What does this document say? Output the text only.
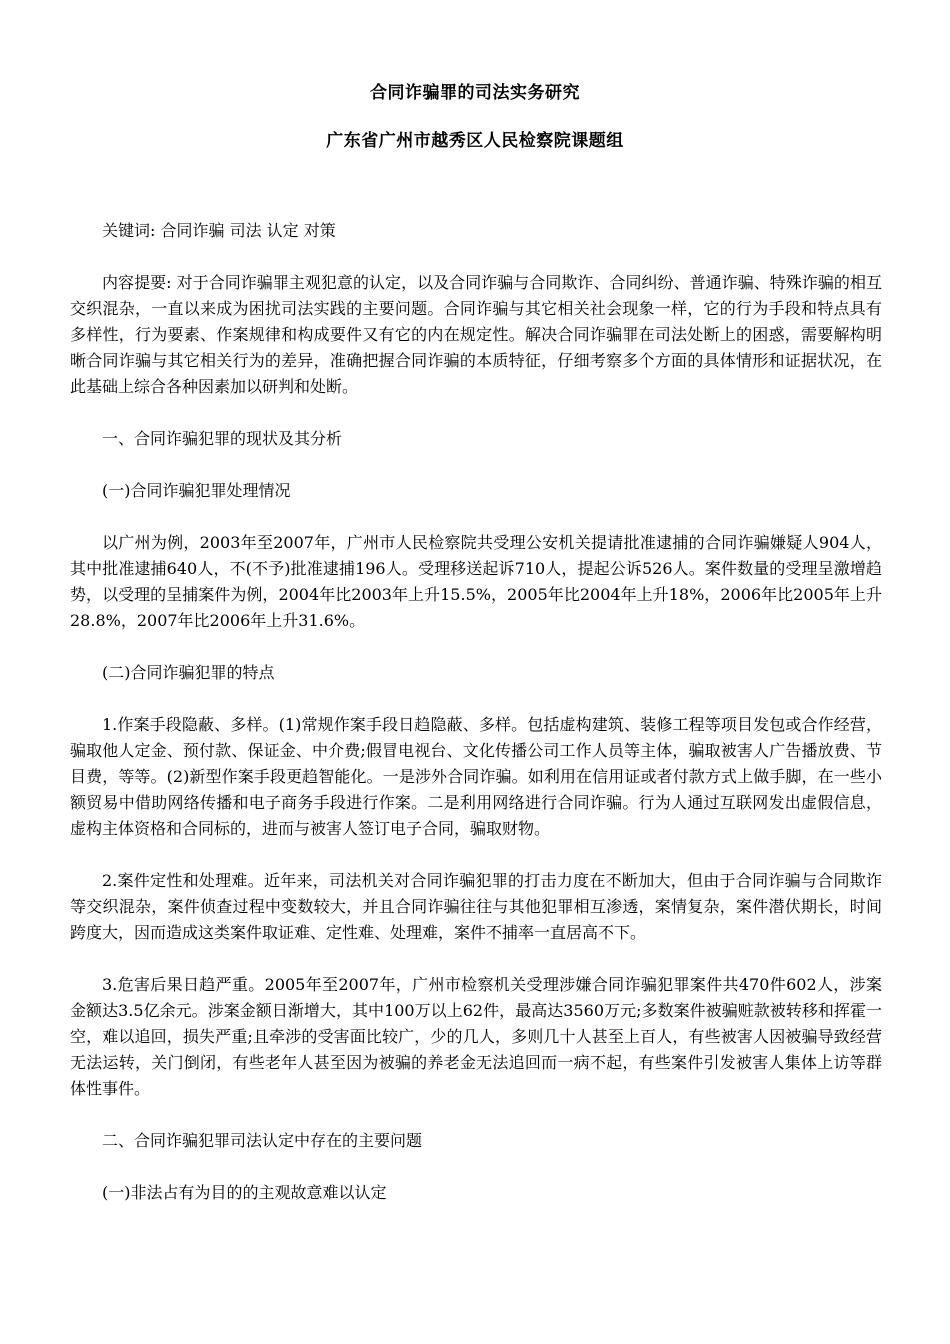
合同诈骗罪的司法实务研究
广东省广州市越秀区人民检察院课题组

关键词: 合同诈骗 司法 认定 对策

内容提要: 对于合同诈骗罪主观犯意的认定，以及合同诈骗与合同欺诈、合同纠纷、普通诈骗、特殊诈骗的相互交织混杂，一直以来成为困扰司法实践的主要问题。合同诈骗与其它相关社会现象一样，它的行为手段和特点具有多样性，行为要素、作案规律和构成要件又有它的内在规定性。解决合同诈骗罪在司法处断上的困惑，需要解构明晰合同诈骗与其它相关行为的差异，准确把握合同诈骗的本质特征，仔细考察多个方面的具体情形和证据状况，在此基础上综合各种因素加以研判和处断。

一、合同诈骗犯罪的现状及其分析

(一)合同诈骗犯罪处理情况

以广州为例，2003年至2007年，广州市人民检察院共受理公安机关提请批准逮捕的合同诈骗嫌疑人904人，其中批准逮捕640人，不(不予)批准逮捕196人。受理移送起诉710人，提起公诉526人。案件数量的受理呈激增趋势，以受理的呈捕案件为例，2004年比2003年上升15.5%，2005年比2004年上升18%，2006年比2005年上升28.8%，2007年比2006年上升31.6%。

(二)合同诈骗犯罪的特点

1.作案手段隐蔽、多样。(1)常规作案手段日趋隐蔽、多样。包括虚构建筑、装修工程等项目发包或合作经营，骗取他人定金、预付款、保证金、中介费;假冒电视台、文化传播公司工作人员等主体，骗取被害人广告播放费、节目费，等等。(2)新型作案手段更趋智能化。一是涉外合同诈骗。如利用在信用证或者付款方式上做手脚，在一些小额贸易中借助网络传播和电子商务手段进行作案。二是利用网络进行合同诈骗。行为人通过互联网发出虚假信息，虚构主体资格和合同标的，进而与被害人签订电子合同，骗取财物。

2.案件定性和处理难。近年来，司法机关对合同诈骗犯罪的打击力度在不断加大，但由于合同诈骗与合同欺诈等交织混杂，案件侦查过程中变数较大，并且合同诈骗往往与其他犯罪相互渗透，案情复杂，案件潜伏期长，时间跨度大，因而造成这类案件取证难、定性难、处理难，案件不捕率一直居高不下。

3.危害后果日趋严重。2005年至2007年，广州市检察机关受理涉嫌合同诈骗犯罪案件共470件602人，涉案金额达3.5亿余元。涉案金额日渐增大，其中100万以上62件，最高达3560万元;多数案件被骗赃款被转移和挥霍一空，难以追回，损失严重;且牵涉的受害面比较广，少的几人，多则几十人甚至上百人，有些被害人因被骗导致经营无法运转，关门倒闭，有些老年人甚至因为被骗的养老金无法追回而一病不起，有些案件引发被害人集体上访等群体性事件。

二、合同诈骗犯罪司法认定中存在的主要问题

(一)非法占有为目的的主观故意难以认定
